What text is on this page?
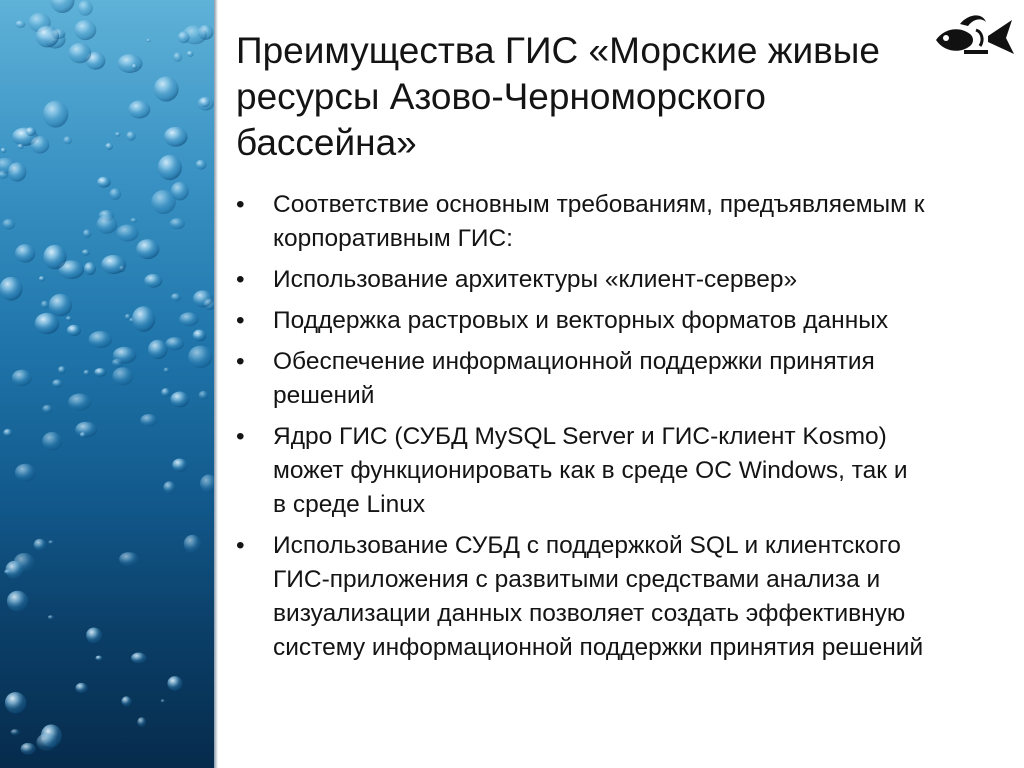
Преимущества ГИС «Морские живые ресурсы Азово-Черноморского бассейна»
• Соответствие основным требованиям, предъявляемым к корпоративным ГИС:
• Использование архитектуры «клиент-сервер»
• Поддержка растровых и векторных форматов данных
• Обеспечение информационной поддержки принятия решений
• Ядро ГИС (СУБД MySQL Server и ГИС-клиент Kosmo) может функционировать как в среде ОС Windows, так и в среде Linux
• Использование СУБД с поддержкой SQL и клиентского ГИС-приложения с развитыми средствами анализа и визуализации данных позволяет создать эффективную систему информационной поддержки принятия решений
